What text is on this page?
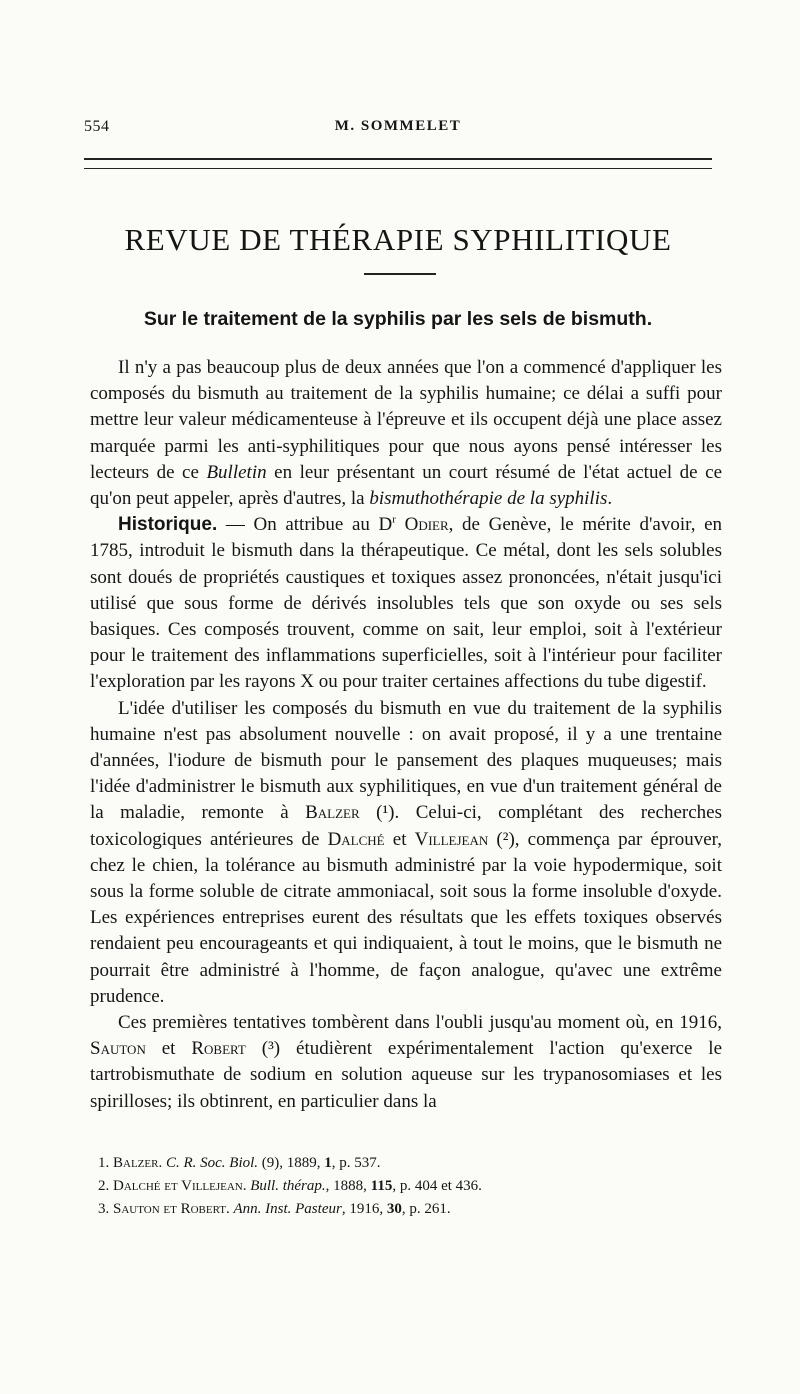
554	M. SOMMELET
REVUE DE THÉRAPIE SYPHILITIQUE
Sur le traitement de la syphilis par les sels de bismuth.

Il n'y a pas beaucoup plus de deux années que l'on a commencé d'appliquer les composés du bismuth au traitement de la syphilis humaine; ce délai a suffi pour mettre leur valeur médicamenteuse à l'épreuve et ils occupent déjà une place assez marquée parmi les anti-syphilitiques pour que nous ayons pensé intéresser les lecteurs de ce Bulletin en leur présentant un court résumé de l'état actuel de ce qu'on peut appeler, après d'autres, la bismuthothérapie de la syphilis.

Historique. — On attribue au $D^r$ Odier, de Genève, le mérite d'avoir, en 1785, introduit le bismuth dans la thérapeutique. Ce métal, dont les sels solubles sont doués de propriétés caustiques et toxiques assez prononcées, n'était jusqu'ici utilisé que sous forme de dérivés insolubles tels que son oxyde ou ses sels basiques. Ces composés trouvent, comme on sait, leur emploi, soit à l'extérieur pour le traitement des inflammations superficielles, soit à l'intérieur pour faciliter l'exploration par les rayons X ou pour traiter certaines affections du tube digestif.

L'idée d'utiliser les composés du bismuth en vue du traitement de la syphilis humaine n'est pas absolument nouvelle : on avait proposé, il y a une trentaine d'années, l'iodure de bismuth pour le pansement des plaques muqueuses; mais l'idée d'administrer le bismuth aux syphilitiques, en vue d'un traitement général de la maladie, remonte à Balzer (¹). Celui-ci, complétant des recherches toxicologiques antérieures de Dalché et Villejean (²), commença par éprouver, chez le chien, la tolérance au bismuth administré par la voie hypodermique, soit sous la forme soluble de citrate ammoniacal, soit sous la forme insoluble d'oxyde. Les expériences entreprises eurent des résultats que les effets toxiques observés rendaient peu encourageants et qui indiquaient, à tout le moins, que le bismuth ne pourrait être administré à l'homme, de façon analogue, qu'avec une extrême prudence.

Ces premières tentatives tombèrent dans l'oubli jusqu'au moment où, en 1916, Sauton et Robert (³) étudièrent expérimentalement l'action qu'exerce le tartrobismuthate de sodium en solution aqueuse sur les trypanosomiases et les spirilloses; ils obtinrent, en particulier dans la

1. Balzer. C. R. Soc. Biol. (9), 1889, 1, p. 537.
2. Dalché et Villejean. Bull. thérap., 1888, 115, p. 404 et 436.
3. Sauton et Robert. Ann. Inst. Pasteur, 1916, 30, p. 261.
